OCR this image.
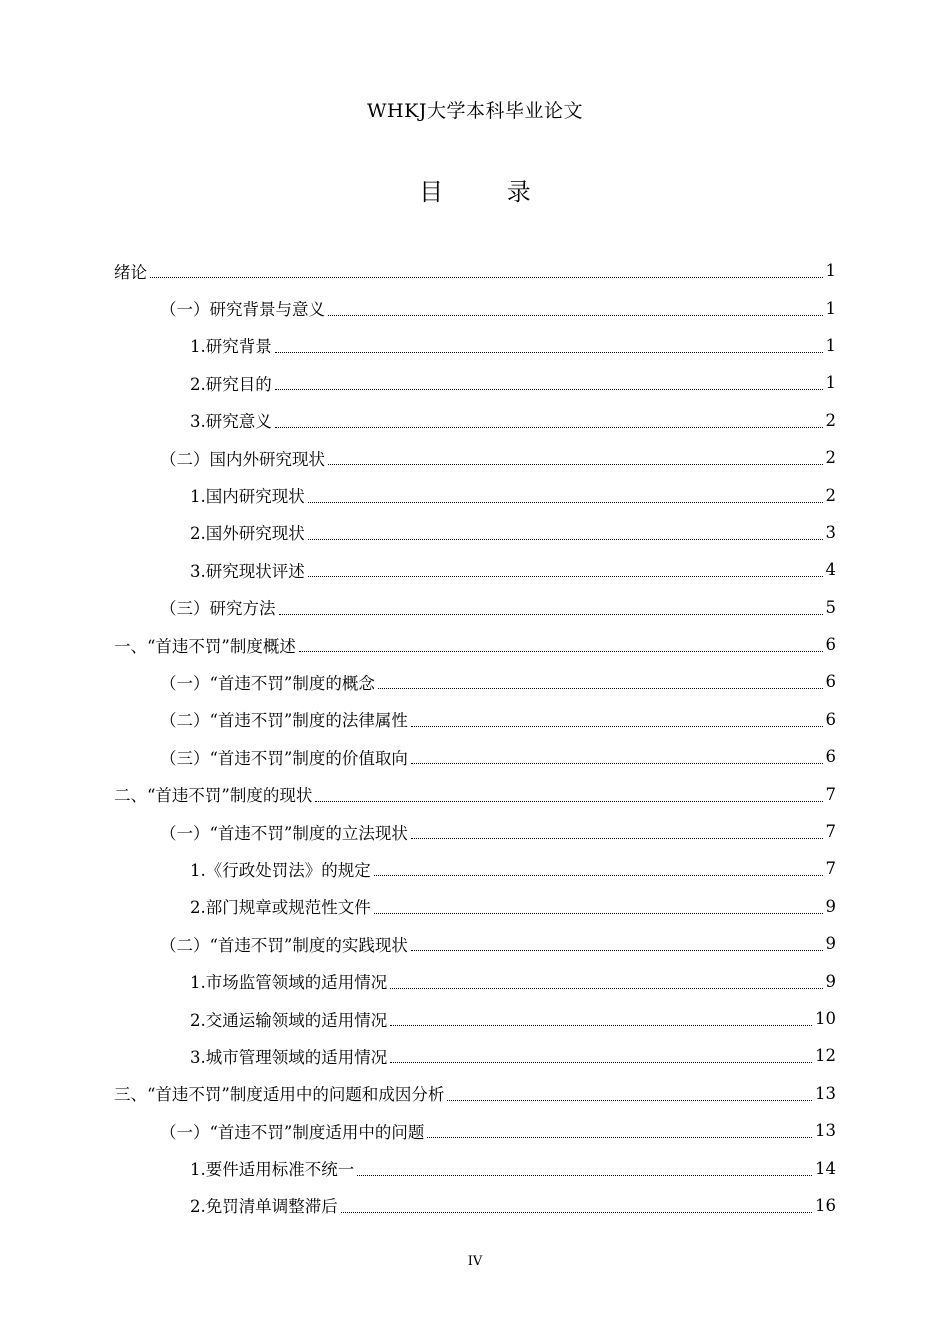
WHKJ大学本科毕业论文
目 录
绪论	1
（一）研究背景与意义	1
1.研究背景	1
2.研究目的	1
3.研究意义	2
（二）国内外研究现状	2
1.国内研究现状	2
2.国外研究现状	3
3.研究现状评述	4
（三）研究方法	5
一、“首违不罚”制度概述	6
（一）“首违不罚”制度的概念	6
（二）“首违不罚”制度的法律属性	6
（三）“首违不罚”制度的价值取向	6
二、“首违不罚”制度的现状	7
（一）“首违不罚”制度的立法现状	7
1.《行政处罚法》的规定	7
2.部门规章或规范性文件	9
（二）“首违不罚”制度的实践现状	9
1.市场监管领域的适用情况	9
2.交通运输领域的适用情况	10
3.城市管理领域的适用情况	12
三、“首违不罚”制度适用中的问题和成因分析	13
（一）“首违不罚”制度适用中的问题	13
1.要件适用标准不统一	14
2.免罚清单调整滞后	16
IV
